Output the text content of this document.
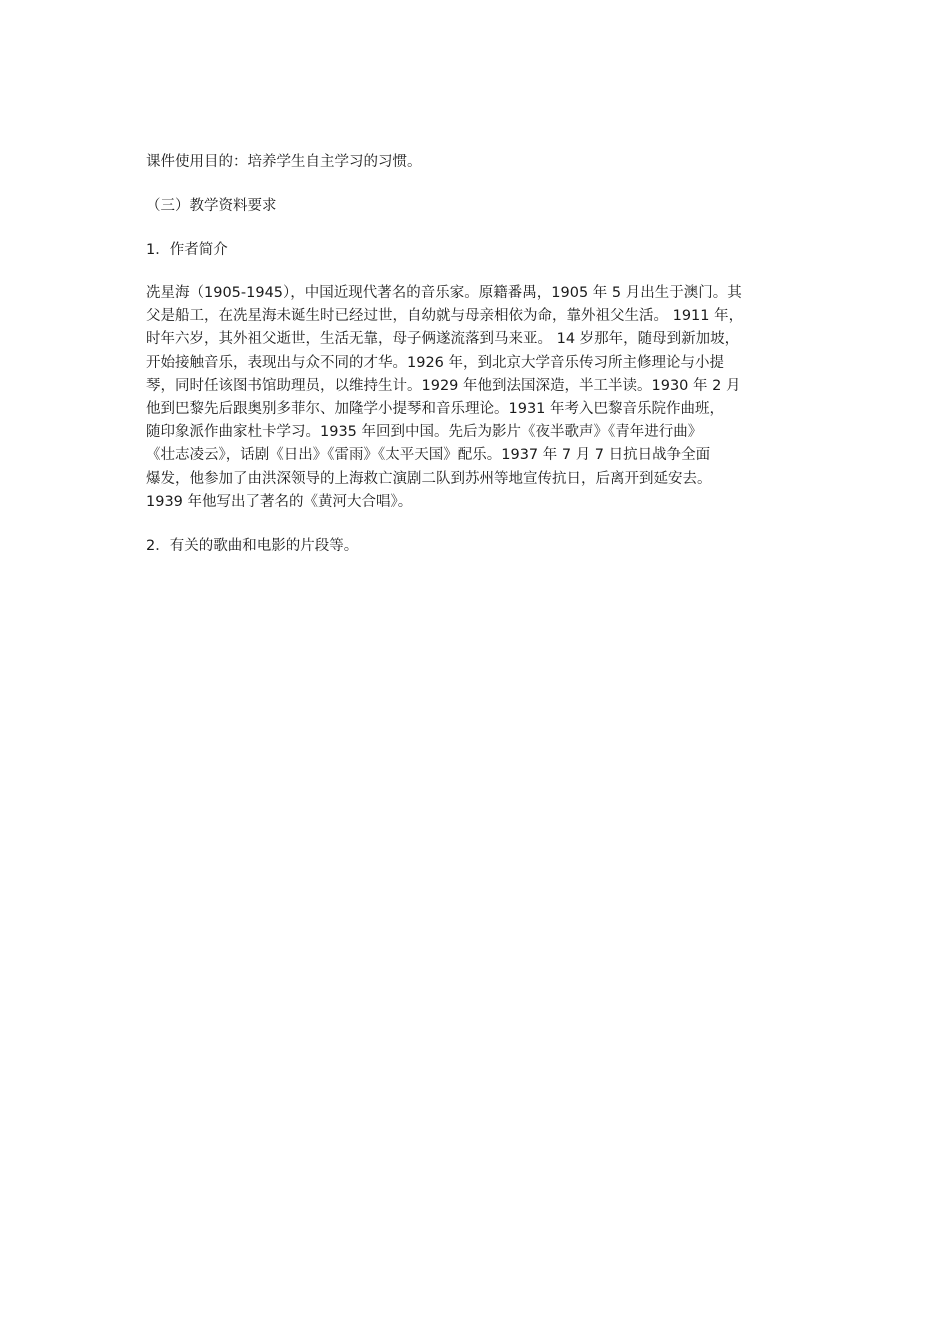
课件使用目的：培养学生自主学习的习惯。

（三）教学资料要求

1．作者简介

冼星海（1905-1945），中国近现代著名的音乐家。原籍番禺，1905 年 5 月出生于澳门。其
父是船工，在冼星海未诞生时已经过世，自幼就与母亲相依为命，靠外祖父生活。 1911 年，
时年六岁，其外祖父逝世，生活无靠，母子俩遂流落到马来亚。 14 岁那年，随母到新加坡，
开始接触音乐，表现出与众不同的才华。1926 年，到北京大学音乐传习所主修理论与小提
琴，同时任该图书馆助理员，以维持生计。1929 年他到法国深造，半工半读。1930 年 2 月
他到巴黎先后跟奥别多菲尔、加隆学小提琴和音乐理论。1931 年考入巴黎音乐院作曲班，
随印象派作曲家杜卡学习。1935 年回到中国。先后为影片《夜半歌声》《青年进行曲》
《壮志凌云》，话剧《日出》《雷雨》《太平天国》配乐。1937 年 7 月 7 日抗日战争全面
爆发，他参加了由洪深领导的上海救亡演剧二队到苏州等地宣传抗日，后离开到延安去。
1939 年他写出了著名的《黄河大合唱》。

2．有关的歌曲和电影的片段等。
